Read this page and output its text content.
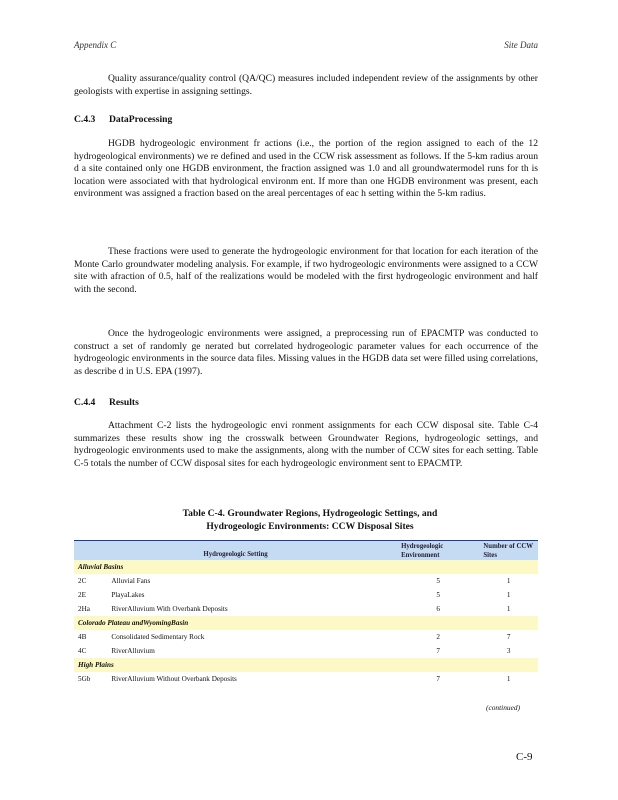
Appendix C	Site Data

Quality assurance/quality control (QA/QC) measures included independent review of the assignments by other geologists with expertise in assigning settings.

C.4.3 DataProcessing

HGDB hydrogeologic environment fr actions (i.e., the portion of the region assigned to each of the 12 hydrogeological environments) we re defined and used in the CCW risk assessment as follows. If the 5-km radius aroun d a site contained only one HGDB environment, the fraction assigned was 1.0 and all groundwatermodel runs for th is location were associated with that hydrological environm ent. If more than one HGDB environment was present, each environment was assigned a fraction based on the areal percentages of eac h setting within the 5-km radius.

These fractions were used to generate the hydrogeologic environment for that location for each iteration of the Monte Carlo groundwater modeling analysis. For example, if two hydrogeologic environments were assigned to a CCW site with afraction of 0.5, half of the realizations would be modeled with the first hydrogeologic environment and half with the second.

Once the hydrogeologic environments were assigned, a preprocessing run of EPACMTP was conducted to construct a set of randomly ge nerated but correlated hydrogeologic parameter values for each occurrence of the hydrogeologic environments in the source data files. Missing values in the HGDB data set were filled using correlations, as describe d in U.S. EPA (1997).

C.4.4 Results

Attachment C-2 lists the hydrogeologic envi ronment assignments for each CCW disposal site. Table C-4 summarizes these results show ing the crosswalk between Groundwater Regions, hydrogeologic settings, and hydrogeologic environments used to make the assignments, along with the number of CCW sites for each setting. Table C-5 totals the number of CCW disposal sites for each hydrogeologic environment sent to EPACMTP.

Table C-4. Groundwater Regions, Hydrogeologic Settings, and
Hydrogeologic Environments: CCW Disposal Sites
Hydrogeologic Setting		Hydrogeologic Environment	Number of CCW Sites
Alluvial Basins			
2C	Alluvial Fans	5	1
2E	PlayaLakes	5	1
2Ha	RiverAlluvium With Overbank Deposits	6	1
Colorado Plateau andWyomingBasin			
4B	Consolidated Sedimentary Rock	2	7
4C	RiverAlluvium	7	3
High Plains			
5Gb	RiverAlluvium Without Overbank Deposits	7	1
(continued)
C-9
